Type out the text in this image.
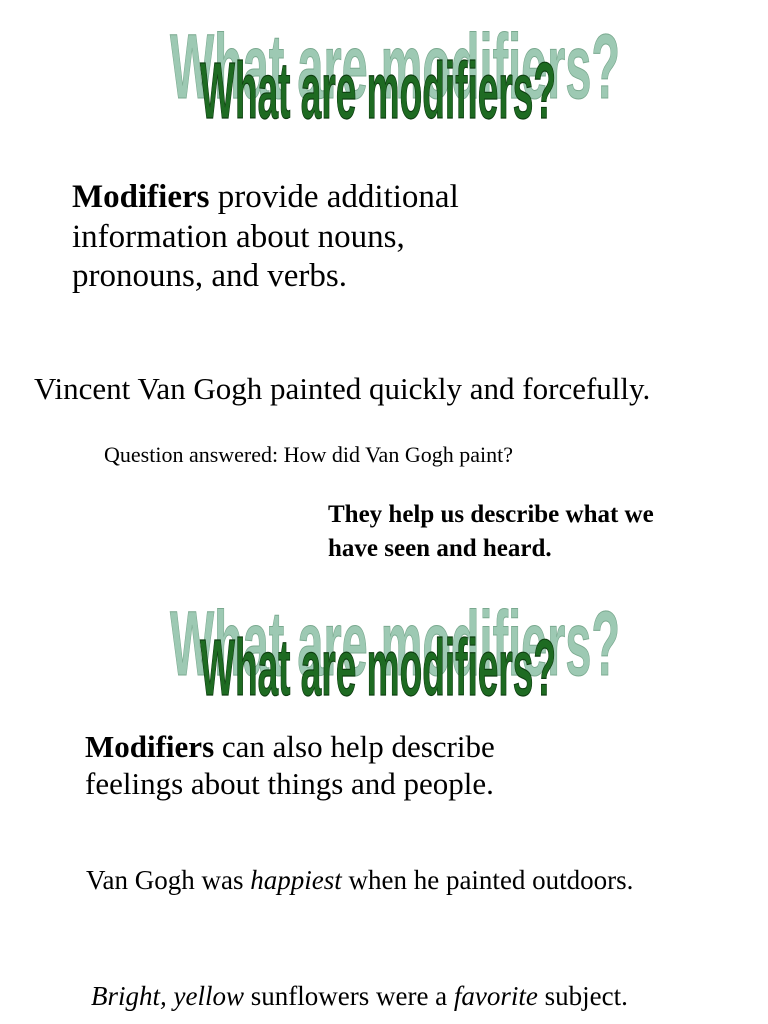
What are modifiers?
What are modifiers?

Modifiers provide additional
information about nouns,
pronouns, and verbs.

Vincent Van Gogh painted quickly and forcefully.

Question answered: How did Van Gogh paint?

They help us describe what we
have seen and heard.

What are modifiers?
What are modifiers?

Modifiers can also help describe
feelings about things and people.

Van Gogh was happiest when he painted outdoors.

Bright, yellow sunflowers were a favorite subject.
